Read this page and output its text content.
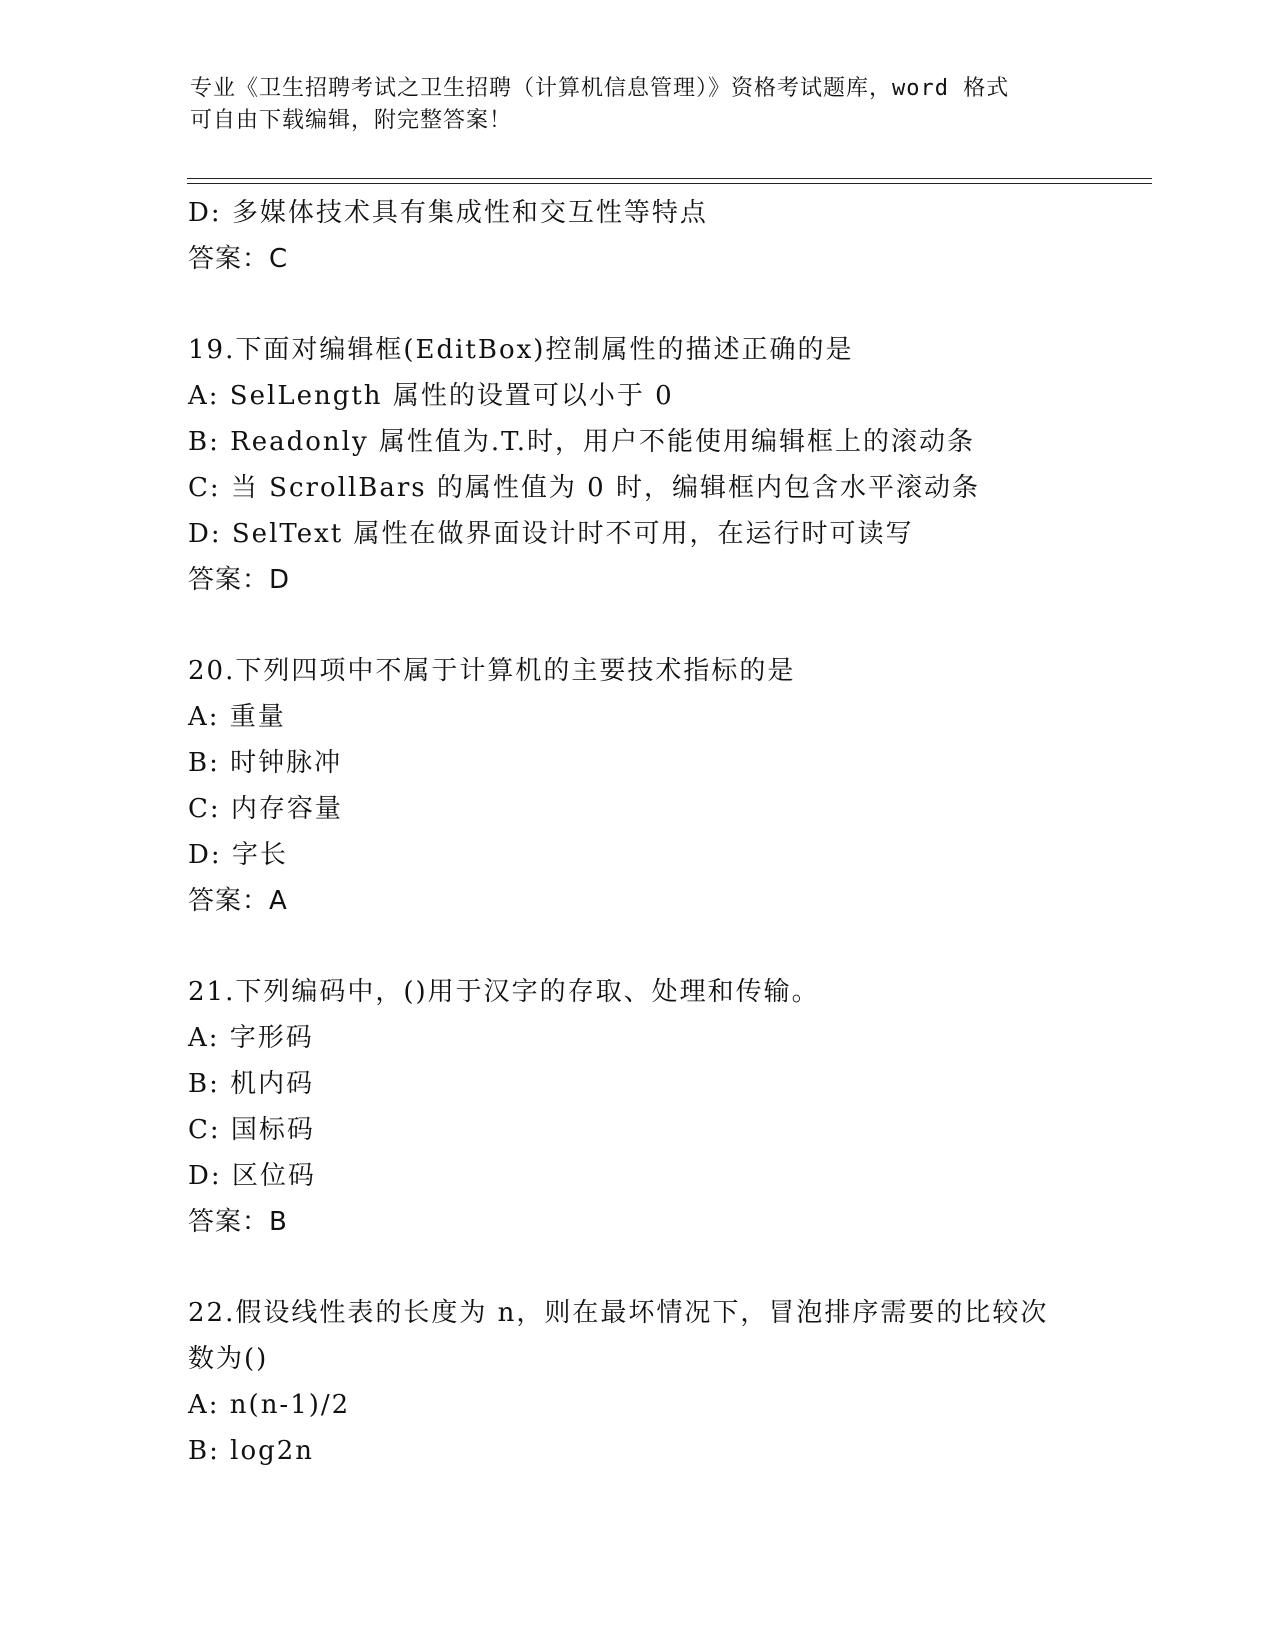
专业《卫生招聘考试之卫生招聘（计算机信息管理）》资格考试题库，word 格式
可自由下载编辑，附完整答案！
D: 多媒体技术具有集成性和交互性等特点
答案：C
19.下面对编辑框(EditBox)控制属性的描述正确的是
A: SelLength 属性的设置可以小于 0
B: Readonly 属性值为.T.时，用户不能使用编辑框上的滚动条
C: 当 ScrollBars 的属性值为 0 时，编辑框内包含水平滚动条
D: SelText 属性在做界面设计时不可用，在运行时可读写
答案：D
20.下列四项中不属于计算机的主要技术指标的是
A: 重量
B: 时钟脉冲
C: 内存容量
D: 字长
答案：A
21.下列编码中，()用于汉字的存取、处理和传输。
A: 字形码
B: 机内码
C: 国标码
D: 区位码
答案：B
22.假设线性表的长度为 n，则在最坏情况下，冒泡排序需要的比较次
数为()
A: n(n-1)/2
B: log2n
